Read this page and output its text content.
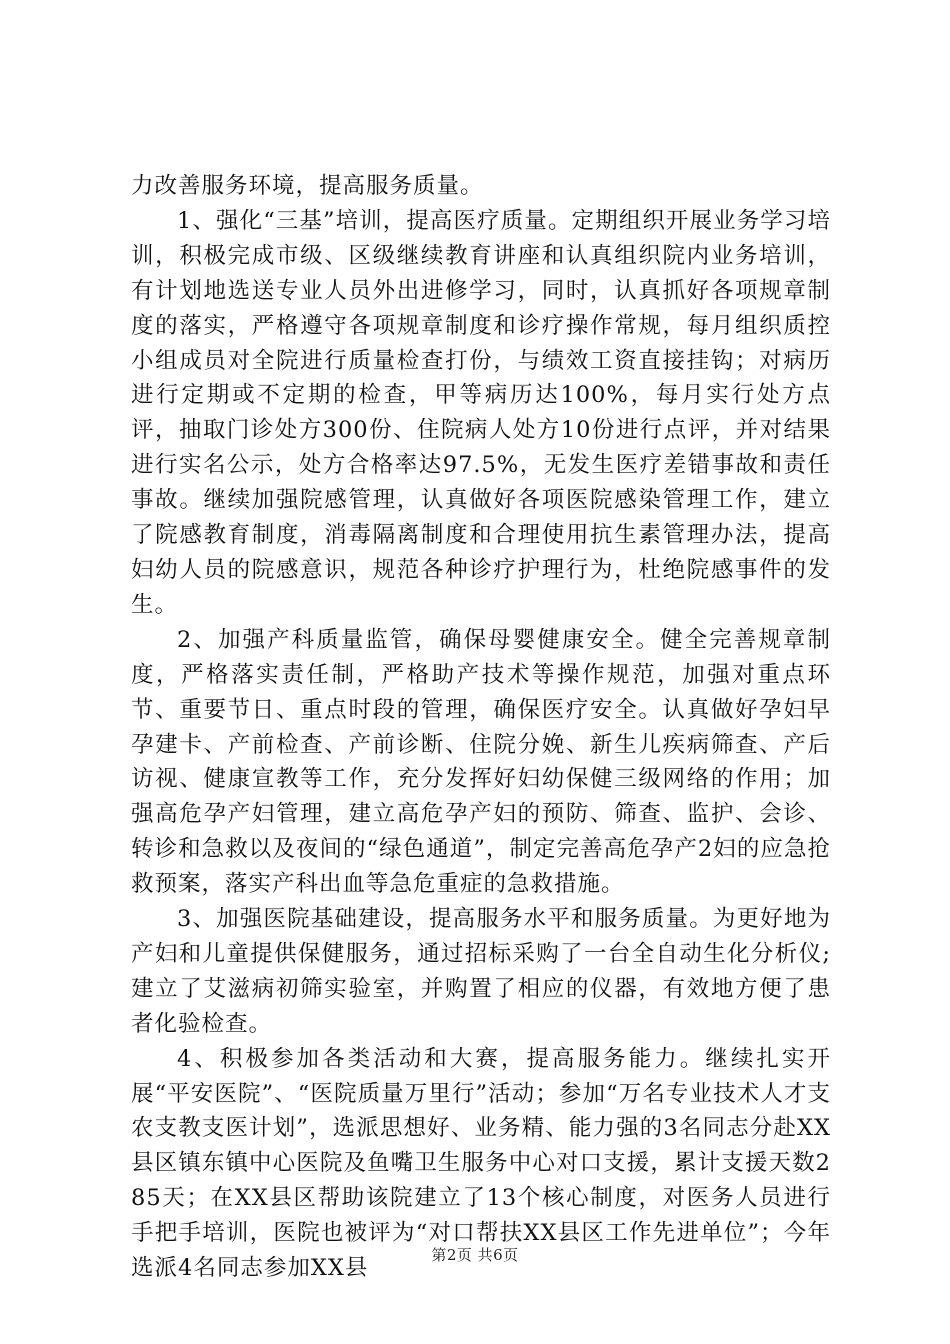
力改善服务环境，提高服务质量。

1、强化“三基”培训，提高医疗质量。定期组织开展业务学习培训，积极完成市级、区级继续教育讲座和认真组织院内业务培训，有计划地选送专业人员外出进修学习，同时，认真抓好各项规章制度的落实，严格遵守各项规章制度和诊疗操作常规，每月组织质控小组成员对全院进行质量检查打份，与绩效工资直接挂钩；对病历进行定期或不定期的检查，甲等病历达100%，每月实行处方点评，抽取门诊处方300份、住院病人处方10份进行点评，并对结果进行实名公示，处方合格率达97.5%，无发生医疗差错事故和责任事故。继续加强院感管理，认真做好各项医院感染管理工作，建立了院感教育制度，消毒隔离制度和合理使用抗生素管理办法，提高妇幼人员的院感意识，规范各种诊疗护理行为，杜绝院感事件的发生。

2、加强产科质量监管，确保母婴健康安全。健全完善规章制度，严格落实责任制，严格助产技术等操作规范，加强对重点环节、重要节日、重点时段的管理，确保医疗安全。认真做好孕妇早孕建卡、产前检查、产前诊断、住院分娩、新生儿疾病筛查、产后访视、健康宣教等工作，充分发挥好妇幼保健三级网络的作用；加强高危孕产妇管理，建立高危孕产妇的预防、筛查、监护、会诊、转诊和急救以及夜间的“绿色通道”，制定完善高危孕产2妇的应急抢救预案，落实产科出血等急危重症的急救措施。

3、加强医院基础建设，提高服务水平和服务质量。为更好地为产妇和儿童提供保健服务，通过招标采购了一台全自动生化分析仪;建立了艾滋病初筛实验室，并购置了相应的仪器，有效地方便了患者化验检查。

4、积极参加各类活动和大赛，提高服务能力。继续扎实开展“平安医院”、“医院质量万里行”活动；参加“万名专业技术人才支农支教支医计划”，选派思想好、业务精、能力强的3名同志分赴XX县区镇东镇中心医院及鱼嘴卫生服务中心对口支援，累计支援天数285天；在XX县区帮助该院建立了13个核心制度，对医务人员进行手把手培训，医院也被评为“对口帮扶XX县区工作先进单位”；今年选派4名同志参加XX县

第2页 共6页
